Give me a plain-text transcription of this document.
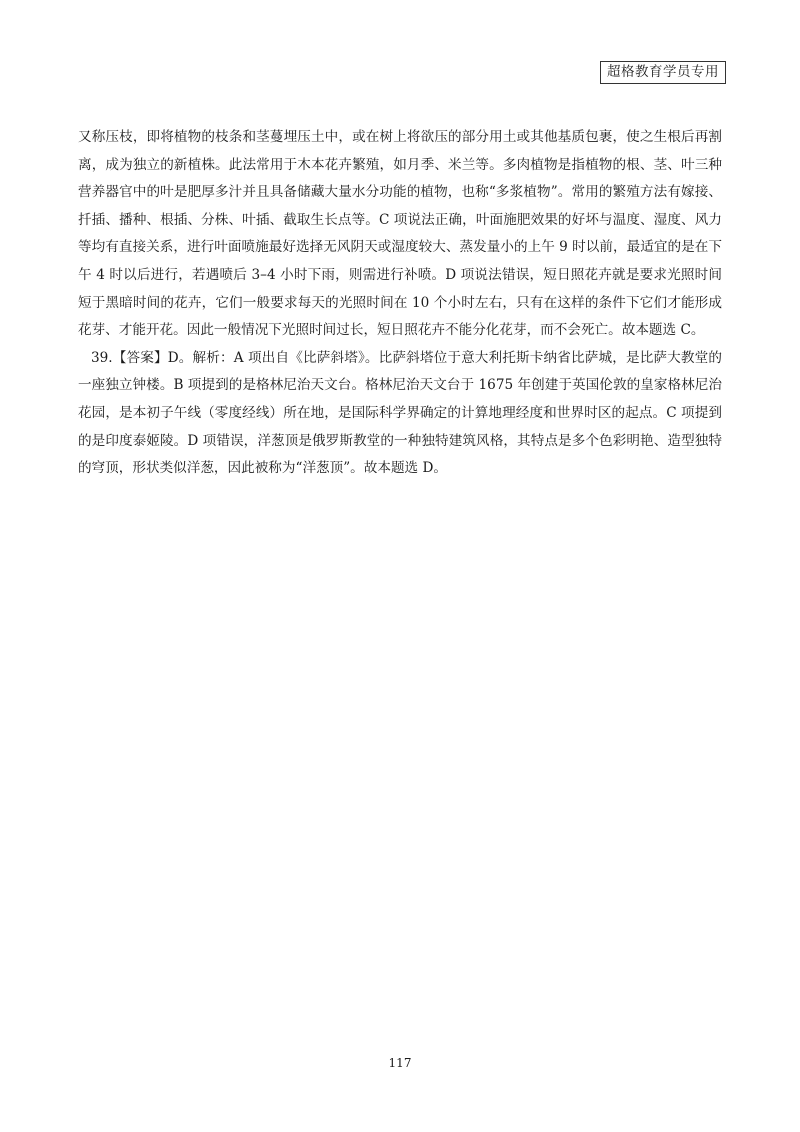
超格教育学员专用

又称压枝，即将植物的枝条和茎蔓埋压土中，或在树上将欲压的部分用土或其他基质包裹，使之生根后再割离，成为独立的新植株。此法常用于木本花卉繁殖，如月季、米兰等。多肉植物是指植物的根、茎、叶三种营养器官中的叶是肥厚多汁并且具备储藏大量水分功能的植物，也称“多浆植物”。常用的繁殖方法有嫁接、扦插、播种、根插、分株、叶插、截取生长点等。C 项说法正确，叶面施肥效果的好坏与温度、湿度、风力等均有直接关系，进行叶面喷施最好选择无风阴天或湿度较大、蒸发量小的上午 9 时以前，最适宜的是在下午 4 时以后进行，若遇喷后 3–4 小时下雨，则需进行补喷。D 项说法错误，短日照花卉就是要求光照时间短于黑暗时间的花卉，它们一般要求每天的光照时间在 10 个小时左右，只有在这样的条件下它们才能形成花芽、才能开花。因此一般情况下光照时间过长，短日照花卉不能分化花芽，而不会死亡。故本题选 C。

39.【答案】D。解析：A 项出自《比萨斜塔》。比萨斜塔位于意大利托斯卡纳省比萨城，是比萨大教堂的一座独立钟楼。B 项提到的是格林尼治天文台。格林尼治天文台于 1675 年创建于英国伦敦的皇家格林尼治花园，是本初子午线（零度经线）所在地，是国际科学界确定的计算地理经度和世界时区的起点。C 项提到的是印度泰姬陵。D 项错误，洋葱顶是俄罗斯教堂的一种独特建筑风格，其特点是多个色彩明艳、造型独特的穹顶，形状类似洋葱，因此被称为“洋葱顶”。故本题选 D。

117
